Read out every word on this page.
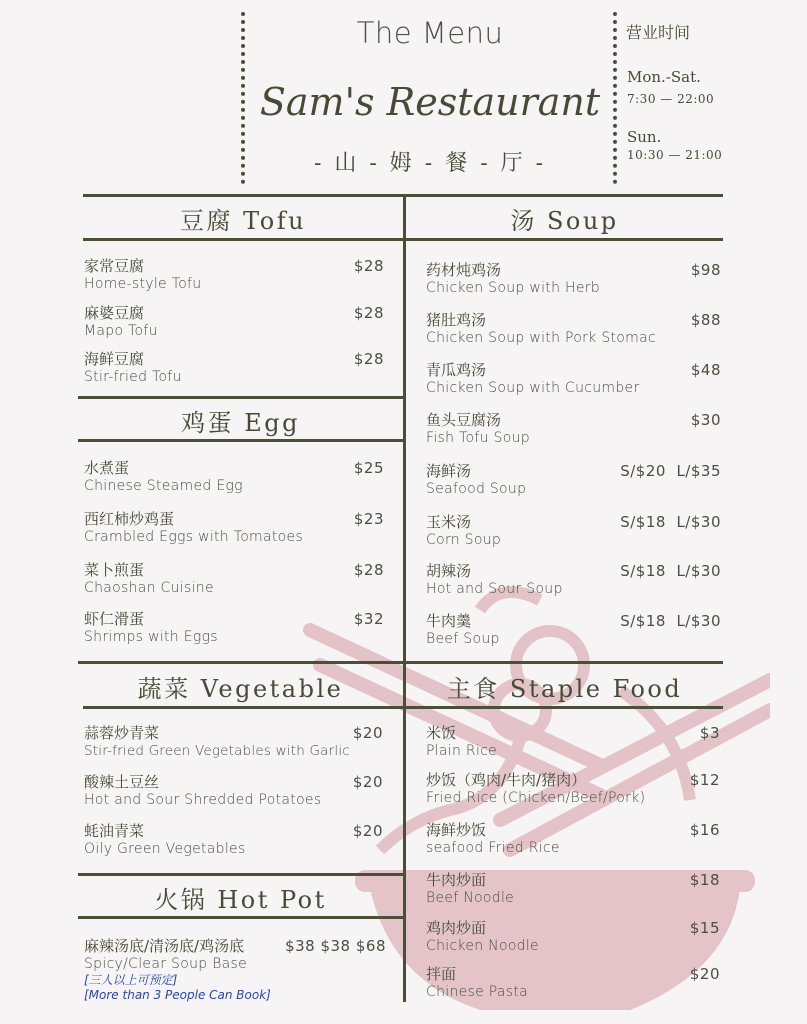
The Menu
Sam's Restaurant
- 山 - 姆 - 餐 - 厅 -
营业时间
Mon.-Sat.
7:30 — 22:00
Sun.
10:30 — 21:00
豆腐 Tofu	汤 Soup
鸡蛋 Egg
蔬菜 Vegetable	主食 Staple Food
火锅 Hot Pot
家常豆腐
Home-style Tofu
$28
麻婆豆腐
Mapo Tofu
$28
海鲜豆腐
Stir-fried Tofu
$28
水煮蛋
Chinese Steamed Egg
$25
西红柿炒鸡蛋
Crambled Eggs with Tomatoes
$23
菜卜煎蛋
Chaoshan Cuisine
$28
虾仁滑蛋
Shrimps with Eggs
$32
蒜蓉炒青菜
Stir-fried Green Vegetables with Garlic
$20
酸辣土豆丝
Hot and Sour Shredded Potatoes
$20
蚝油青菜
Oily Green Vegetables
$20
麻辣汤底/清汤底/鸡汤底
Spicy/Clear Soup Base
[三人以上可预定]
[More than 3 People Can Book]
$38 $38 $68
药材炖鸡汤
Chicken Soup with Herb
$98
猪肚鸡汤
Chicken Soup with Pork Stomac
$88
青瓜鸡汤
Chicken Soup with Cucumber
$48
鱼头豆腐汤
Fish Tofu Soup
$30
海鲜汤
Seafood Soup
S/$20  L/$35
玉米汤
Corn Soup
S/$18  L/$30
胡辣汤
Hot and Sour Soup
S/$18  L/$30
牛肉羹
Beef Soup
S/$18  L/$30
米饭
Plain Rice
$3
炒饭（鸡肉/牛肉/猪肉）
Fried Rice (Chicken/Beef/Pork)
$12
海鲜炒饭
seafood Fried Rice
$16
牛肉炒面
Beef Noodle
$18
鸡肉炒面
Chicken Noodle
$15
拌面
Chinese Pasta
$20
